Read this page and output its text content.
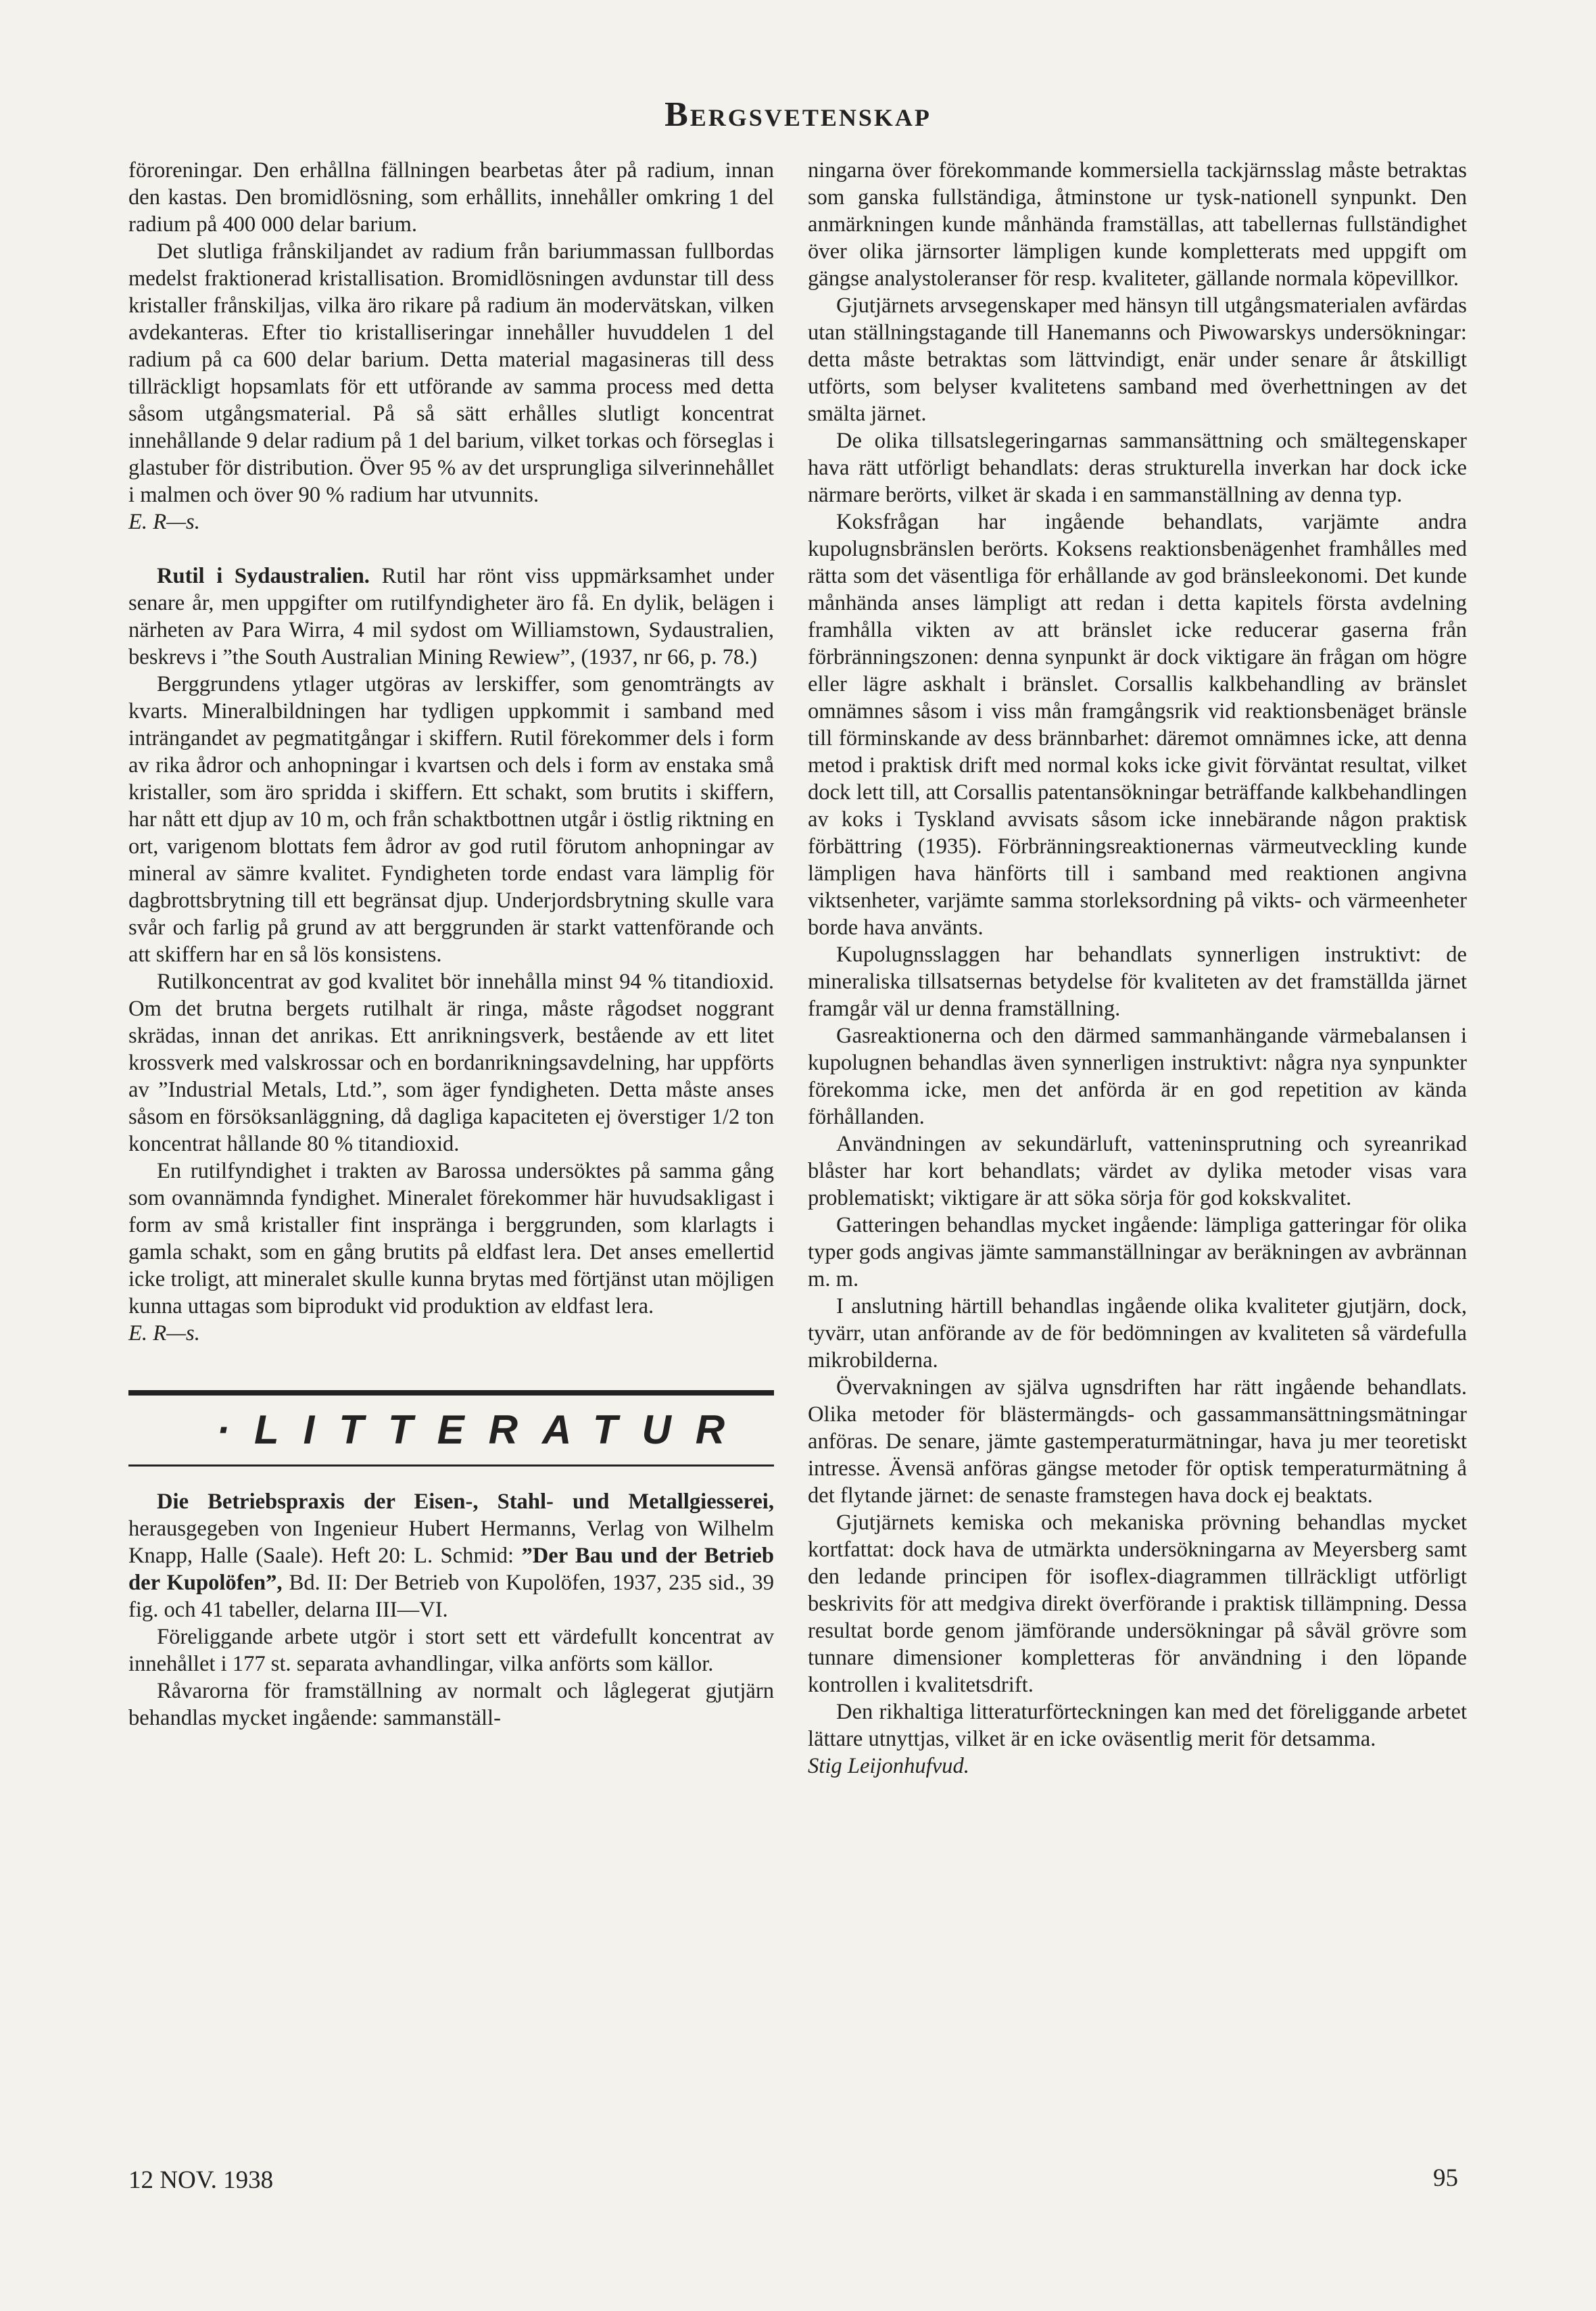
Bergsvetenskap

föroreningar. Den erhållna fällningen bearbetas åter på radium, innan den kastas. Den bromidlösning, som erhållits, innehåller omkring 1 del radium på 400 000 delar barium.

Det slutliga frånskiljandet av radium från bariummassan fullbordas medelst fraktionerad kristallisation. Bromidlösningen avdunstar till dess kristaller frånskiljas, vilka äro rikare på radium än modervätskan, vilken avdekanteras. Efter tio kristalliseringar innehåller huvuddelen 1 del radium på ca 600 delar barium. Detta material magasineras till dess tillräckligt hopsamlats för ett utförande av samma process med detta såsom utgångsmaterial. På så sätt erhålles slutligt koncentrat innehållande 9 delar radium på 1 del barium, vilket torkas och förseglas i glastuber för distribution. Över 95 % av det ursprungliga silverinnehållet i malmen och över 90 % radium har utvunnits.

E. R—s.

Rutil i Sydaustralien. Rutil har rönt viss uppmärksamhet under senare år, men uppgifter om rutilfyndigheter äro få. En dylik, belägen i närheten av Para Wirra, 4 mil sydost om Williamstown, Sydaustralien, beskrevs i ”the South Australian Mining Rewiew”, (1937, nr 66, p. 78.)

Berggrundens ytlager utgöras av lerskiffer, som genomträngts av kvarts. Mineralbildningen har tydligen uppkommit i samband med inträngandet av pegmatitgångar i skiffern. Rutil förekommer dels i form av rika ådror och anhopningar i kvartsen och dels i form av enstaka små kristaller, som äro spridda i skiffern. Ett schakt, som brutits i skiffern, har nått ett djup av 10 m, och från schaktbottnen utgår i östlig riktning en ort, varigenom blottats fem ådror av god rutil förutom anhopningar av mineral av sämre kvalitet. Fyndigheten torde endast vara lämplig för dagbrottsbrytning till ett begränsat djup. Underjordsbrytning skulle vara svår och farlig på grund av att berggrunden är starkt vattenförande och att skiffern har en så lös konsistens.

Rutilkoncentrat av god kvalitet bör innehålla minst 94 % titandioxid. Om det brutna bergets rutilhalt är ringa, måste rågodset noggrant skrädas, innan det anrikas. Ett anrikningsverk, bestående av ett litet krossverk med valskrossar och en bordanrikningsavdelning, har uppförts av ”Industrial Metals, Ltd.”, som äger fyndigheten. Detta måste anses såsom en försöksanläggning, då dagliga kapaciteten ej överstiger 1/2 ton koncentrat hållande 80 % titandioxid.

En rutilfyndighet i trakten av Barossa undersöktes på samma gång som ovannämnda fyndighet. Mineralet förekommer här huvudsakligast i form av små kristaller fint inspränga i berggrunden, som klarlagts i gamla schakt, som en gång brutits på eldfast lera. Det anses emellertid icke troligt, att mineralet skulle kunna brytas med förtjänst utan möjligen kunna uttagas som biprodukt vid produktion av eldfast lera.

E. R—s.

·LITTERATUR

Die Betriebspraxis der Eisen-, Stahl- und Metallgiesserei, herausgegeben von Ingenieur Hubert Hermanns, Verlag von Wilhelm Knapp, Halle (Saale). Heft 20: L. Schmid: ”Der Bau und der Betrieb der Kupolöfen”, Bd. II: Der Betrieb von Kupolöfen, 1937, 235 sid., 39 fig. och 41 tabeller, delarna III—VI.

Föreliggande arbete utgör i stort sett ett värdefullt koncentrat av innehållet i 177 st. separata avhandlingar, vilka anförts som källor.

Råvarorna för framställning av normalt och låglegerat gjutjärn behandlas mycket ingående: sammanställ-

ningarna över förekommande kommersiella tackjärnsslag måste betraktas som ganska fullständiga, åtminstone ur tysk-nationell synpunkt. Den anmärkningen kunde månhända framställas, att tabellernas fullständighet över olika järnsorter lämpligen kunde kompletterats med uppgift om gängse analystoleranser för resp. kvaliteter, gällande normala köpevillkor.

Gjutjärnets arvsegenskaper med hänsyn till utgångsmaterialen avfärdas utan ställningstagande till Hanemanns och Piwowarskys undersökningar: detta måste betraktas som lättvindigt, enär under senare år åtskilligt utförts, som belyser kvalitetens samband med överhettningen av det smälta järnet.

De olika tillsatslegeringarnas sammansättning och smältegenskaper hava rätt utförligt behandlats: deras strukturella inverkan har dock icke närmare berörts, vilket är skada i en sammanställning av denna typ.

Koksfrågan har ingående behandlats, varjämte andra kupolugnsbränslen berörts. Koksens reaktionsbenägenhet framhålles med rätta som det väsentliga för erhållande av god bränsleekonomi. Det kunde månhända anses lämpligt att redan i detta kapitels första avdelning framhålla vikten av att bränslet icke reducerar gaserna från förbränningszonen: denna synpunkt är dock viktigare än frågan om högre eller lägre askhalt i bränslet. Corsallis kalkbehandling av bränslet omnämnes såsom i viss mån framgångsrik vid reaktionsbenäget bränsle till förminskande av dess brännbarhet: däremot omnämnes icke, att denna metod i praktisk drift med normal koks icke givit förväntat resultat, vilket dock lett till, att Corsallis patentansökningar beträffande kalkbehandlingen av koks i Tyskland avvisats såsom icke innebärande någon praktisk förbättring (1935). Förbränningsreaktionernas värmeutveckling kunde lämpligen hava hänförts till i samband med reaktionen angivna viktsenheter, varjämte samma storleksordning på vikts- och värmeenheter borde hava använts.

Kupolugnsslaggen har behandlats synnerligen instruktivt: de mineraliska tillsatsernas betydelse för kvaliteten av det framställda järnet framgår väl ur denna framställning.

Gasreaktionerna och den därmed sammanhängande värmebalansen i kupolugnen behandlas även synnerligen instruktivt: några nya synpunkter förekomma icke, men det anförda är en god repetition av kända förhållanden.

Användningen av sekundärluft, vatteninsprutning och syreanrikad blåster har kort behandlats; värdet av dylika metoder visas vara problematiskt; viktigare är att söka sörja för god kokskvalitet.

Gatteringen behandlas mycket ingående: lämpliga gatteringar för olika typer gods angivas jämte sammanställningar av beräkningen av avbrännan m. m.

I anslutning härtill behandlas ingående olika kvaliteter gjutjärn, dock, tyvärr, utan anförande av de för bedömningen av kvaliteten så värdefulla mikrobilderna.

Övervakningen av själva ugnsdriften har rätt ingående behandlats. Olika metoder för blästermängds- och gassammansättningsmätningar anföras. De senare, jämte gastemperaturmätningar, hava ju mer teoretiskt intresse. Ävensä anföras gängse metoder för optisk temperaturmätning å det flytande järnet: de senaste framstegen hava dock ej beaktats.

Gjutjärnets kemiska och mekaniska prövning behandlas mycket kortfattat: dock hava de utmärkta undersökningarna av Meyersberg samt den ledande principen för isoflex-diagrammen tillräckligt utförligt beskrivits för att medgiva direkt överförande i praktisk tillämpning. Dessa resultat borde genom jämförande undersökningar på såväl grövre som tunnare dimensioner kompletteras för användning i den löpande kontrollen i kvalitetsdrift.

Den rikhaltiga litteraturförteckningen kan med det föreliggande arbetet lättare utnyttjas, vilket är en icke oväsentlig merit för detsamma.

Stig Leijonhufvud.

12 NOV. 1938	95
